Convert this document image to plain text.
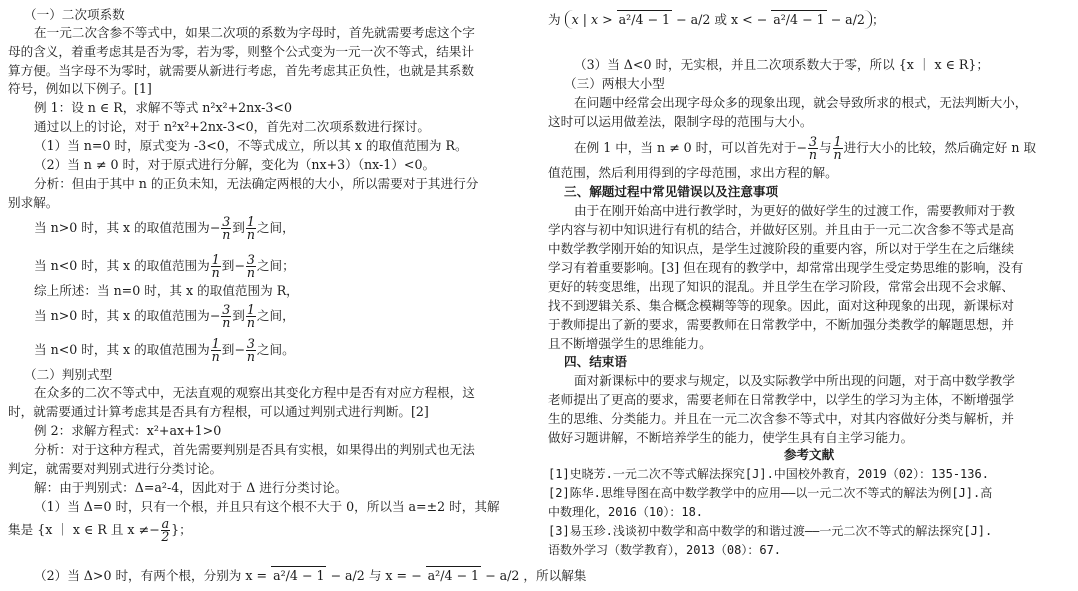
（一）二次项系数
在一元二次含参不等式中，如果二次项的系数为字母时，首先就需要考虑这个字
母的含义，着重考虑其是否为零，若为零，则整个公式变为一元一次不等式，结果计
算方便。当字母不为零时，就需要从新进行考虑，首先考虑其正负性，也就是其系数
符号，例如以下例子。[1]
例 1：设 n ∈ R，求解不等式 n²x²+2nx-3<0
通过以上的讨论，对于 n²x²+2nx-3<0，首先对二次项系数进行探讨。
（1）当 n=0 时，原式变为 -3<0，不等式成立，所以其 x 的取值范围为 R。
（2）当 n ≠ 0 时，对于原式进行分解，变化为（nx+3）（nx-1）<0。
分析：但由于其中 n 的正负未知，无法确定两根的大小，所以需要对于其进行分
别求解。
当 n>0 时，其 x 的取值范围为− $\frac{3}{n}$ 到 $\frac{1}{n}$ 之间，
当 n<0 时，其 x 的取值范围为 $\frac{1}{n}$ 到− $\frac{3}{n}$ 之间；
综上所述：当 n=0 时，其 x 的取值范围为 R，
当 n>0 时，其 x 的取值范围为− $\frac{3}{n}$ 到 $\frac{1}{n}$ 之间，
当 n<0 时，其 x 的取值范围为 $\frac{1}{n}$ 到− $\frac{3}{n}$ 之间。
（二）判别式型
在众多的二次不等式中，无法直观的观察出其变化方程中是否有对应方程根，这
时，就需要通过计算考虑其是否具有方程根，可以通过判别式进行判断。[2]
例 2：求解方程式：x²+ax+1>0
分析：对于这种方程式，首先需要判别是否具有实根，如果得出的判别式也无法
判定，就需要对判别式进行分类讨论。
解：由于判别式：Δ=a²-4，因此对于 Δ 进行分类讨论。
（1）当 Δ=0 时，只有一个根，并且只有这个根不大于 0，所以当 a=±2 时，其解
集是 {x ｜ x ∈ R 且 $x \ne- \frac{a}{2}$ }；
（2）当 Δ>0 时，有两个根，分别为 x = a²/4 − 1 − a/2 与 x = − a²/4 − 1 − a/2 ，所以解集
为 x | x > a²/4 − 1 − a/2 或 x < − a²/4 − 1 − a/2 ；
（3）当 Δ<0 时，无实根，并且二次项系数大于零，所以 {x ｜ x ∈ R}；
（三）两根大小型
在问题中经常会出现字母众多的现象出现，就会导致所求的根式，无法判断大小，
这时可以运用做差法，限制字母的范围与大小。
在例 1 中，当 n ≠ 0 时，可以首先对于− $\frac{3}{n}$ 与 $\frac{1}{n}$ 进行大小的比较，然后确定好 n 取
值范围，然后利用得到的字母范围，求出方程的解。
三、解题过程中常见错误以及注意事项
由于在刚开始高中进行教学时，为更好的做好学生的过渡工作，需要教师对于教
学内容与初中知识进行有机的结合，并做好区别。并且由于一元二次含参不等式是高
中数学教学刚开始的知识点，是学生过渡阶段的重要内容，所以对于学生在之后继续
学习有着重要影响。[3] 但在现有的教学中，却常常出现学生受定势思维的影响，没有
更好的转变思维，出现了知识的混乱。并且学生在学习阶段，常常会出现不会求解、
找不到逻辑关系、集合概念模糊等等的现象。因此，面对这种现象的出现，新课标对
于教师提出了新的要求，需要教师在日常教学中，不断加强分类教学的解题思想，并
且不断增强学生的思维能力。
四、结束语
面对新课标中的要求与规定，以及实际教学中所出现的问题，对于高中数学教学
老师提出了更高的要求，需要老师在日常教学中，以学生的学习为主体，不断增强学
生的思维、分类能力。并且在一元二次含参不等式中，对其内容做好分类与解析，并
做好习题讲解，不断培养学生的能力，使学生具有自主学习能力。
参考文献
[1]史晓芳.一元二次不等式解法探究[J].中国校外教育，2019（02）：135-136.
[2]陈华.思维导图在高中数学教学中的应用——以一元二次不等式的解法为例[J].高
中数理化，2016（10）：18.
[3]易玉珍.浅谈初中数学和高中数学的和谐过渡——一元二次不等式的解法探究[J].
语数外学习（数学教育），2013（08）：67.
